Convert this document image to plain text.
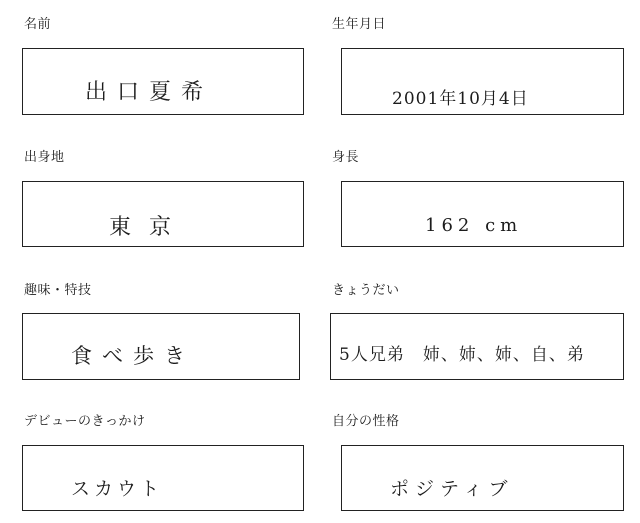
名前
出口夏希
生年月日
2001年10月4日
出身地
東京
身長
162 cm
趣味・特技
食べ歩き
きょうだい
5人兄弟　姉、姉、姉、自、弟
デビューのきっかけ
スカウト
自分の性格
ポジティブ
